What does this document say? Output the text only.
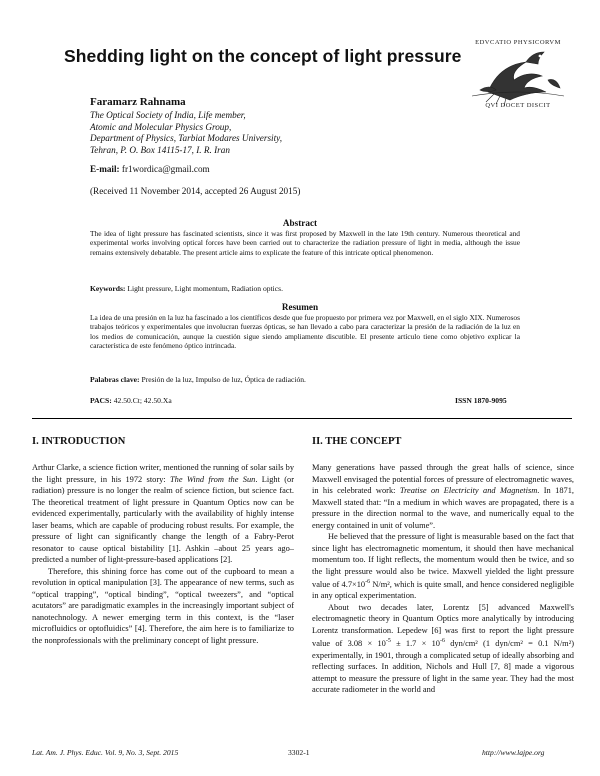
Shedding light on the concept of light pressure
EDVCATIO PHYSICORVM
QVI DOCET DISCIT
Faramarz Rahnama
The Optical Society of India, Life member,
Atomic and Molecular Physics Group,
Department of Physics, Tarbiat Modares University,
Tehran, P. O. Box 14115-17, I. R. Iran
E-mail: fr1wordica@gmail.com
(Received 11 November 2014, accepted 26 August 2015)
Abstract
The idea of light pressure has fascinated scientists, since it was first proposed by Maxwell in the late 19th century. Numerous theoretical and experimental works involving optical forces have been carried out to characterize the radiation pressure of light in media, although the issue remains extensively debatable. The present article aims to explicate the feature of this intricate optical phenomenon.
Keywords: Light pressure, Light momentum, Radiation optics.
Resumen
La idea de una presión en la luz ha fascinado a los científicos desde que fue propuesto por primera vez por Maxwell, en el siglo XIX. Numerosos trabajos teóricos y experimentales que involucran fuerzas ópticas, se han llevado a cabo para caracterizar la presión de la radiación de la luz en los medios de comunicación, aunque la cuestión sigue siendo ampliamente discutible. El presente artículo tiene como objetivo explicar la característica de este fenómeno óptico intrincada.
Palabras clave: Presión de la luz, Impulso de luz, Óptica de radiación.
PACS: 42.50.Ct; 42.50.Xa	ISSN 1870-9095
I. INTRODUCTION

Arthur Clarke, a science fiction writer, mentioned the running of solar sails by the light pressure, in his 1972 story: The Wind from the Sun. Light (or radiation) pressure is no longer the realm of science fiction, but science fact. The theoretical treatment of light pressure in Quantum Optics now can be evidenced experimentally, particularly with the availability of highly intense laser beams, which are capable of producing robust results. For example, the pressure of light can significantly change the length of a Fabry-Perot resonator to cause optical bistability [1]. Ashkin –about 25 years ago– predicted a number of light-pressure-based applications [2].

Therefore, this shining force has come out of the cupboard to mean a revolution in optical manipulation [3]. The appearance of new terms, such as “optical trapping”, “optical binding”, “optical tweezers”, and “optical acutators” are paradigmatic examples in the increasingly important subject of nanotechnology. A newer emerging term in this context, is the “laser microfluidics or optofluidics” [4]. Therefore, the aim here is to familiarize to the nonprofessionals with the preliminary concept of light pressure.

II. THE CONCEPT

Many generations have passed through the great halls of science, since Maxwell envisaged the potential forces of pressure of electromagnetic waves, in his celebrated work: Treatise on Electricity and Magnetism. In 1871, Maxwell stated that: “In a medium in which waves are propagated, there is a pressure in the direction normal to the wave, and numerically equal to the energy contained in unit of volume”.

He believed that the pressure of light is measurable based on the fact that since light has electromagnetic momentum, it should then have mechanical momentum too. If light reflects, the momentum would then be twice, and so the light pressure would also be twice. Maxwell yielded the light pressure value of $4.7\times 10^{-6}$ N/m², which is quite small, and hence considered negligible in any optical experimentation.

About two decades later, Lorentz [5] advanced Maxwell's electromagnetic theory in Quantum Optics more analytically by introducing Lorentz transformation. Lepedew [6] was first to report the light pressure value of $3.08 \times 10^{-5} \pm 1.7 \times 10^{-6}$ dyn/cm² (1 dyn/cm² = 0.1 N/m²) experimentally, in 1901, through a complicated setup of ideally absorbing and reflecting surfaces. In addition, Nichols and Hull [7, 8] made a vigorous attempt to measure the pressure of light in the same year. They had the most accurate radiometer in the world and

Lat. Am. J. Phys. Educ. Vol. 9, No. 3, Sept. 2015	3302-1	http://www.lajpe.org
